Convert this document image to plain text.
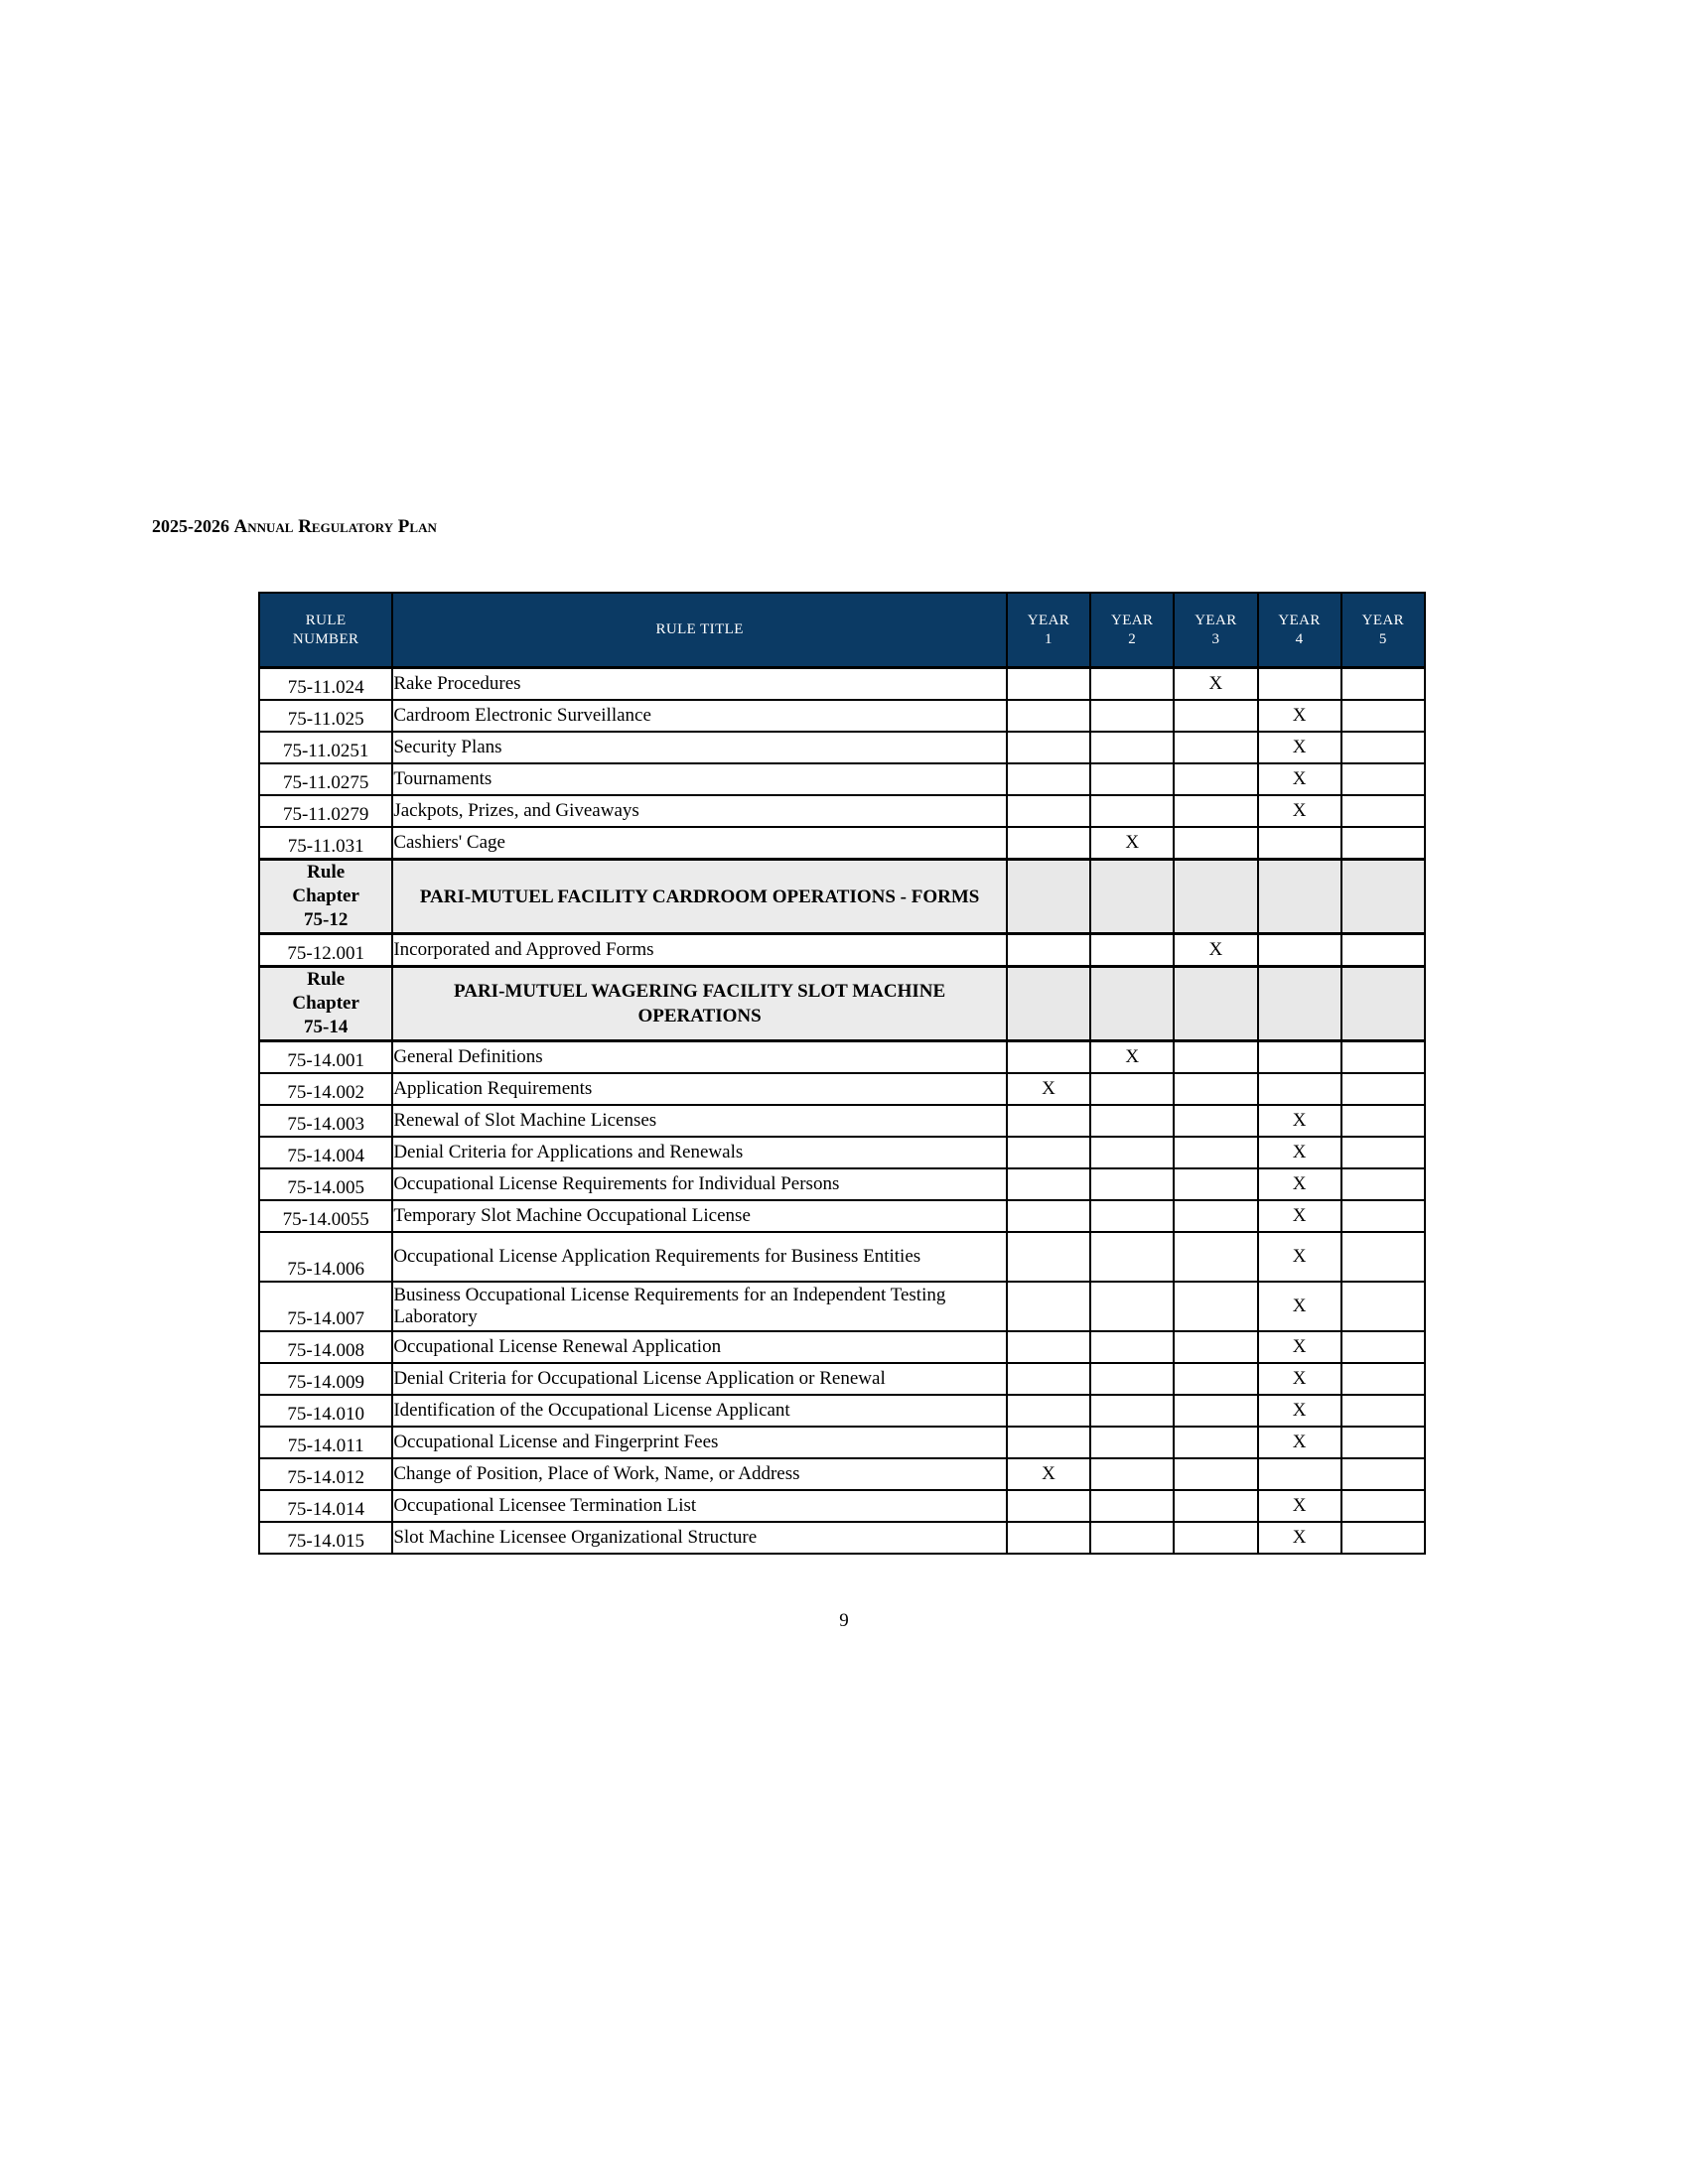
2025-2026 Annual Regulatory Plan
RULE NUMBER	RULE TITLE	YEAR 1	YEAR 2	YEAR 3	YEAR 4	YEAR 5

75-11.024	Rake Procedures			X		
75-11.025	Cardroom Electronic Surveillance				X	
75-11.0251	Security Plans				X	
75-11.0275	Tournaments				X	
75-11.0279	Jackpots, Prizes, and Giveaways				X	
75-11.031	Cashiers' Cage		X			

Rule
Chapter
75-12	PARI-MUTUEL FACILITY CARDROOM OPERATIONS - FORMS					
75-12.001	Incorporated and Approved Forms			X		

Rule
Chapter
75-14	PARI-MUTUEL WAGERING FACILITY SLOT MACHINE OPERATIONS					
75-14.001	General Definitions		X			
75-14.002	Application Requirements	X				
75-14.003	Renewal of Slot Machine Licenses				X	
75-14.004	Denial Criteria for Applications and Renewals				X	
75-14.005	Occupational License Requirements for Individual Persons				X	
75-14.0055	Temporary Slot Machine Occupational License				X	
75-14.006	Occupational License Application Requirements for Business Entities				X	
75-14.007	Business Occupational License Requirements for an Independent Testing Laboratory				X	
75-14.008	Occupational License Renewal Application				X	
75-14.009	Denial Criteria for Occupational License Application or Renewal				X	
75-14.010	Identification of the Occupational License Applicant				X	
75-14.011	Occupational License and Fingerprint Fees				X	
75-14.012	Change of Position, Place of Work, Name, or Address	X				
75-14.014	Occupational Licensee Termination List				X	
75-14.015	Slot Machine Licensee Organizational Structure				X	
9
